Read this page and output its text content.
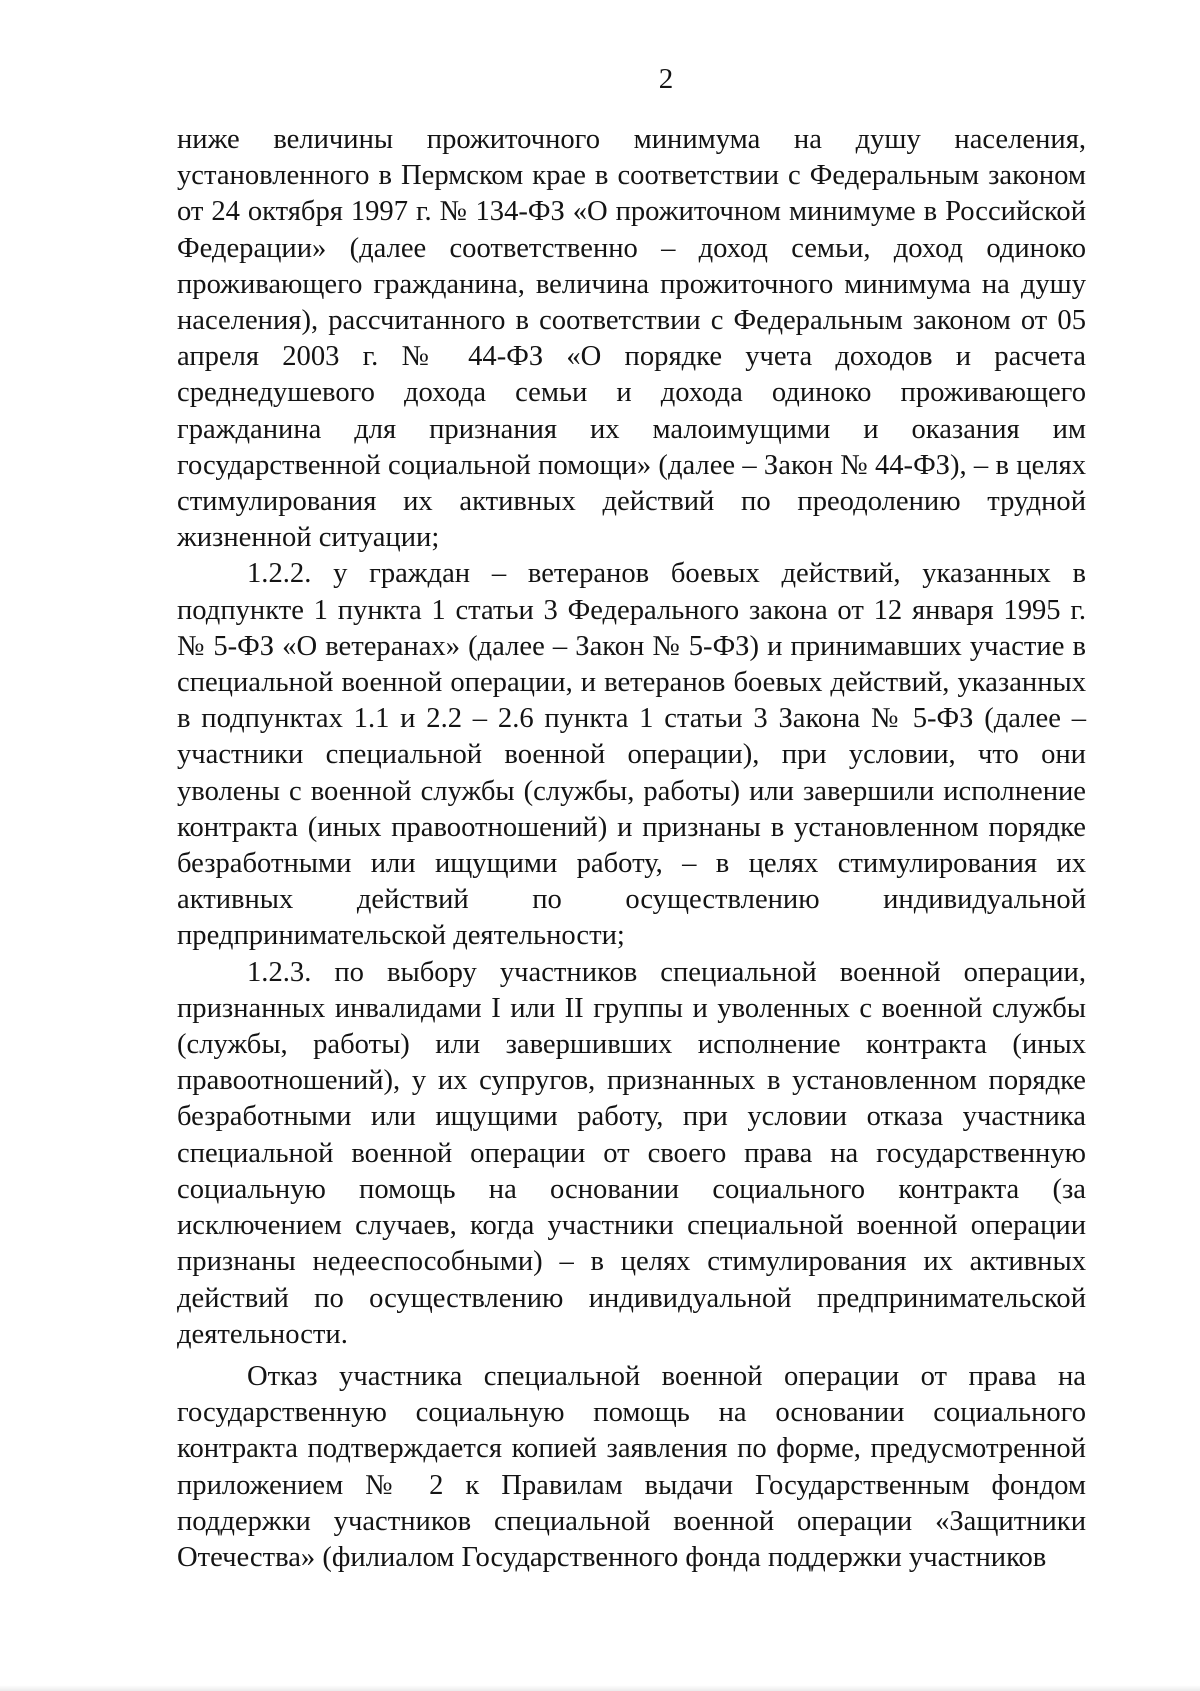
2

ниже величины прожиточного минимума на душу населения, установленного в Пермском крае в соответствии с Федеральным законом от 24 октября 1997 г. № 134-ФЗ «О прожиточном минимуме в Российской Федерации» (далее соответственно – доход семьи, доход одиноко проживающего гражданина, величина прожиточного минимума на душу населения), рассчитанного в соответствии с Федеральным законом от 05 апреля 2003 г. № 44-ФЗ «О порядке учета доходов и расчета среднедушевого дохода семьи и дохода одиноко проживающего гражданина для признания их малоимущими и оказания им государственной социальной помощи» (далее – Закон № 44-ФЗ), – в целях стимулирования их активных действий по преодолению трудной жизненной ситуации;

1.2.2. у граждан – ветеранов боевых действий, указанных в подпункте 1 пункта 1 статьи 3 Федерального закона от 12 января 1995 г. № 5-ФЗ «О ветеранах» (далее – Закон № 5-ФЗ) и принимавших участие в специальной военной операции, и ветеранов боевых действий, указанных в подпунктах 1.1 и 2.2 – 2.6 пункта 1 статьи 3 Закона № 5-ФЗ (далее – участники специальной военной операции), при условии, что они уволены с военной службы (службы, работы) или завершили исполнение контракта (иных правоотношений) и признаны в установленном порядке безработными или ищущими работу, – в целях стимулирования их активных действий по осуществлению индивидуальной предпринимательской деятельности;

1.2.3. по выбору участников специальной военной операции, признанных инвалидами I или II группы и уволенных с военной службы (службы, работы) или завершивших исполнение контракта (иных правоотношений), у их супругов, признанных в установленном порядке безработными или ищущими работу, при условии отказа участника специальной военной операции от своего права на государственную социальную помощь на основании социального контракта (за исключением случаев, когда участники специальной военной операции признаны недееспособными) – в целях стимулирования их активных действий по осуществлению индивидуальной предпринимательской деятельности.

Отказ участника специальной военной операции от права на государственную социальную помощь на основании социального контракта подтверждается копией заявления по форме, предусмотренной приложением № 2 к Правилам выдачи Государственным фондом поддержки участников специальной военной операции «Защитники Отечества» (филиалом Государственного фонда поддержки участников
